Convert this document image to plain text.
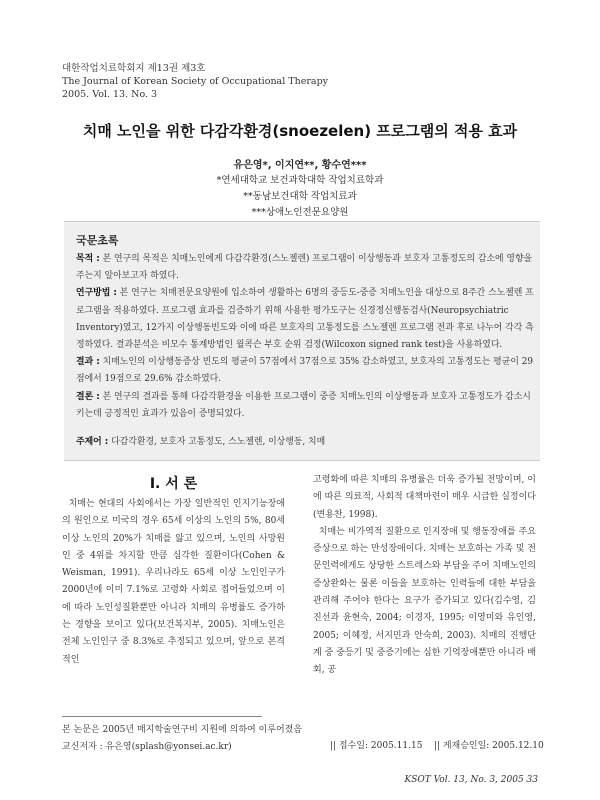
대한작업치료학회지 제13권 제3호
The Journal of Korean Society of Occupational Therapy
2005. Vol. 13. No. 3
치매 노인을 위한 다감각환경(snoezelen) 프로그램의 적용 효과
유은영*, 이지연**, 황수연***
*연세대학교 보건과학대학 작업치료학과
**동남보건대학 작업치료과
***상애노인전문요양원
국문초록

목적 : 본 연구의 목적은 치매노인에게 다감각환경(스노젤렌) 프로그램이 이상행동과 보호자 고통정도의 감소에 영향을 주는지 알아보고자 하였다.

연구방법 : 본 연구는 치매전문요양원에 입소하여 생활하는 6명의 중등도-중증 치매노인을 대상으로 8주간 스노젤렌 프로그램을 적용하였다. 프로그램 효과를 검증하기 위해 사용한 평가도구는 신경정신행동검사(Neuropsychiatric Inventory)였고, 12가지 이상행동빈도와 이에 따른 보호자의 고통정도를 스노젤렌 프로그램 전과 후로 나누어 각각 측정하였다. 결과분석은 비모수 통계방법인 윌콕슨 부호 순위 검정(Wilcoxon signed rank test)을 사용하였다.

결과 : 치매노인의 이상행동증상 빈도의 평균이 57점에서 37점으로 35% 감소하였고, 보호자의 고통정도는 평균이 29점에서 19점으로 29.6% 감소하였다.

결론 : 본 연구의 결과를 통해 다감각환경을 이용한 프로그램이 중증 치매노인의 이상행동과 보호자 고통정도가 감소시키는데 긍정적인 효과가 있음이 증명되었다.

주제어 : 다감각환경, 보호자 고통정도, 스노젤렌, 이상행동, 치매
I. 서 론

치매는 현대의 사회에서는 가장 일반적인 인지기능장애의 원인으로 미국의 경우 65세 이상의 노인의 5%, 80세 이상 노인의 20%가 치매를 앓고 있으며, 노인의 사망원인 중 4위를 차지할 만큼 심각한 질환이다(Cohen & Weisman, 1991). 우리나라도 65세 이상 노인인구가 2000년에 이미 7.1%로 고령화 사회로 접어들었으며 이에 따라 노인성질환뿐만 아니라 치매의 유병률도 증가하는 경향을 보이고 있다(보건복지부, 2005). 치매노인은 전체 노인인구 중 8.3%로 추정되고 있으며, 앞으로 본격적인

고령화에 따른 치매의 유병률은 더욱 증가될 전망이며, 이에 따른 의료적, 사회적 대책마련이 매우 시급한 실정이다(변용찬, 1998).

치매는 비가역적 질환으로 인지장애 및 행동장애를 주요 증상으로 하는 만성장애이다. 치매는 보호하는 가족 및 전문인력에게도 상당한 스트레스와 부담을 주어 치매노인의 증상완화는 물론 이들을 보호하는 인력들에 대한 부담을 관리해 주어야 한다는 요구가 증가되고 있다(김수영, 김진선과 윤현숙, 2004; 이경자, 1995; 이영미와 유인영, 2005; 이혜정, 서지민과 안숙희, 2003). 치매의 진행단계 중 중등기 및 중증기에는 심한 기억장애뿐만 아니라 배회, 공

본 논문은 2005년 매지학술연구비 지원에 의하여 이루어졌음
교신저자 : 유은영(splash@yonsei.ac.kr)	|| 접수일: 2005.11.15 || 게재승인일: 2005.12.10
KSOT Vol. 13, No. 3, 2005 33
